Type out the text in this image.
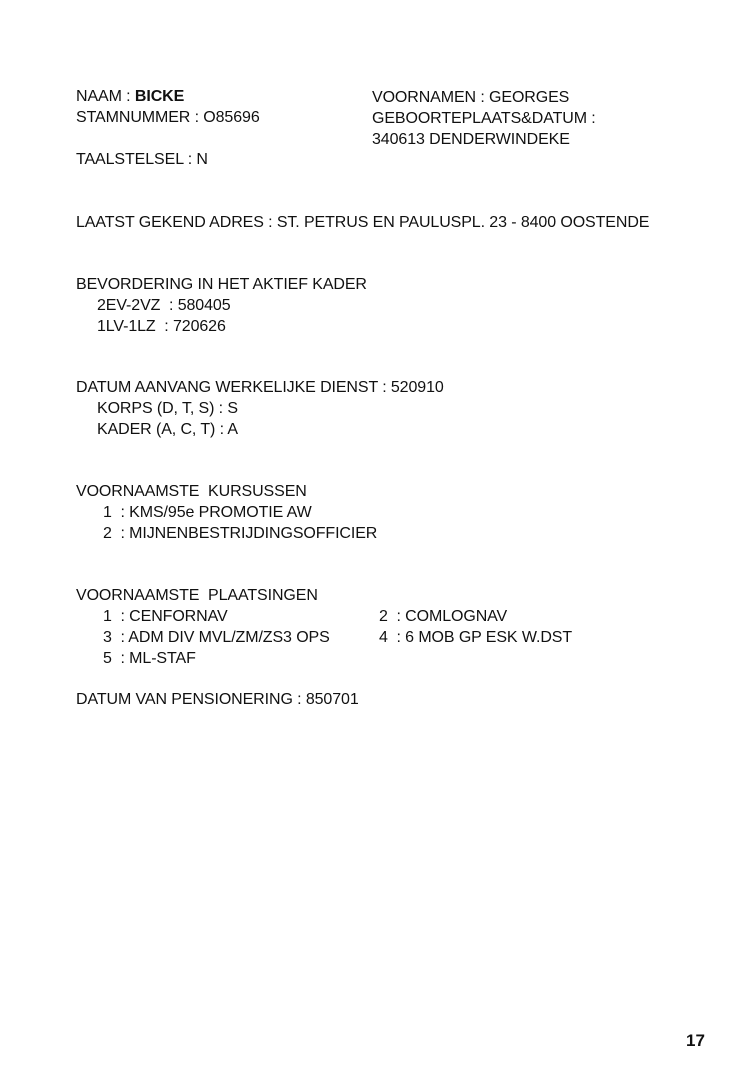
NAAM : BICKE	VOORNAMEN : GEORGES
STAMNUMMER : O85696	GEBOORTEPLAATS&DATUM :
340613 DENDERWINDEKE
TAALSTELSEL : N
LAATST GEKEND ADRES : ST. PETRUS EN PAULUSPL. 23 - 8400 OOSTENDE
BEVORDERING IN HET AKTIEF KADER
2EV-2VZ  : 580405
1LV-1LZ  : 720626
DATUM AANVANG WERKELIJKE DIENST : 520910
KORPS (D, T, S) : S
KADER (A, C, T) : A
VOORNAAMSTE  KURSUSSEN
1  : KMS/95e PROMOTIE AW
2  : MIJNENBESTRIJDINGSOFFICIER
VOORNAAMSTE  PLAATSINGEN
1  : CENFORNAV	2  : COMLOGNAV
3  : ADM DIV MVL/ZM/ZS3 OPS	4  : 6 MOB GP ESK W.DST
5  : ML-STAF
DATUM VAN PENSIONERING : 850701
17
